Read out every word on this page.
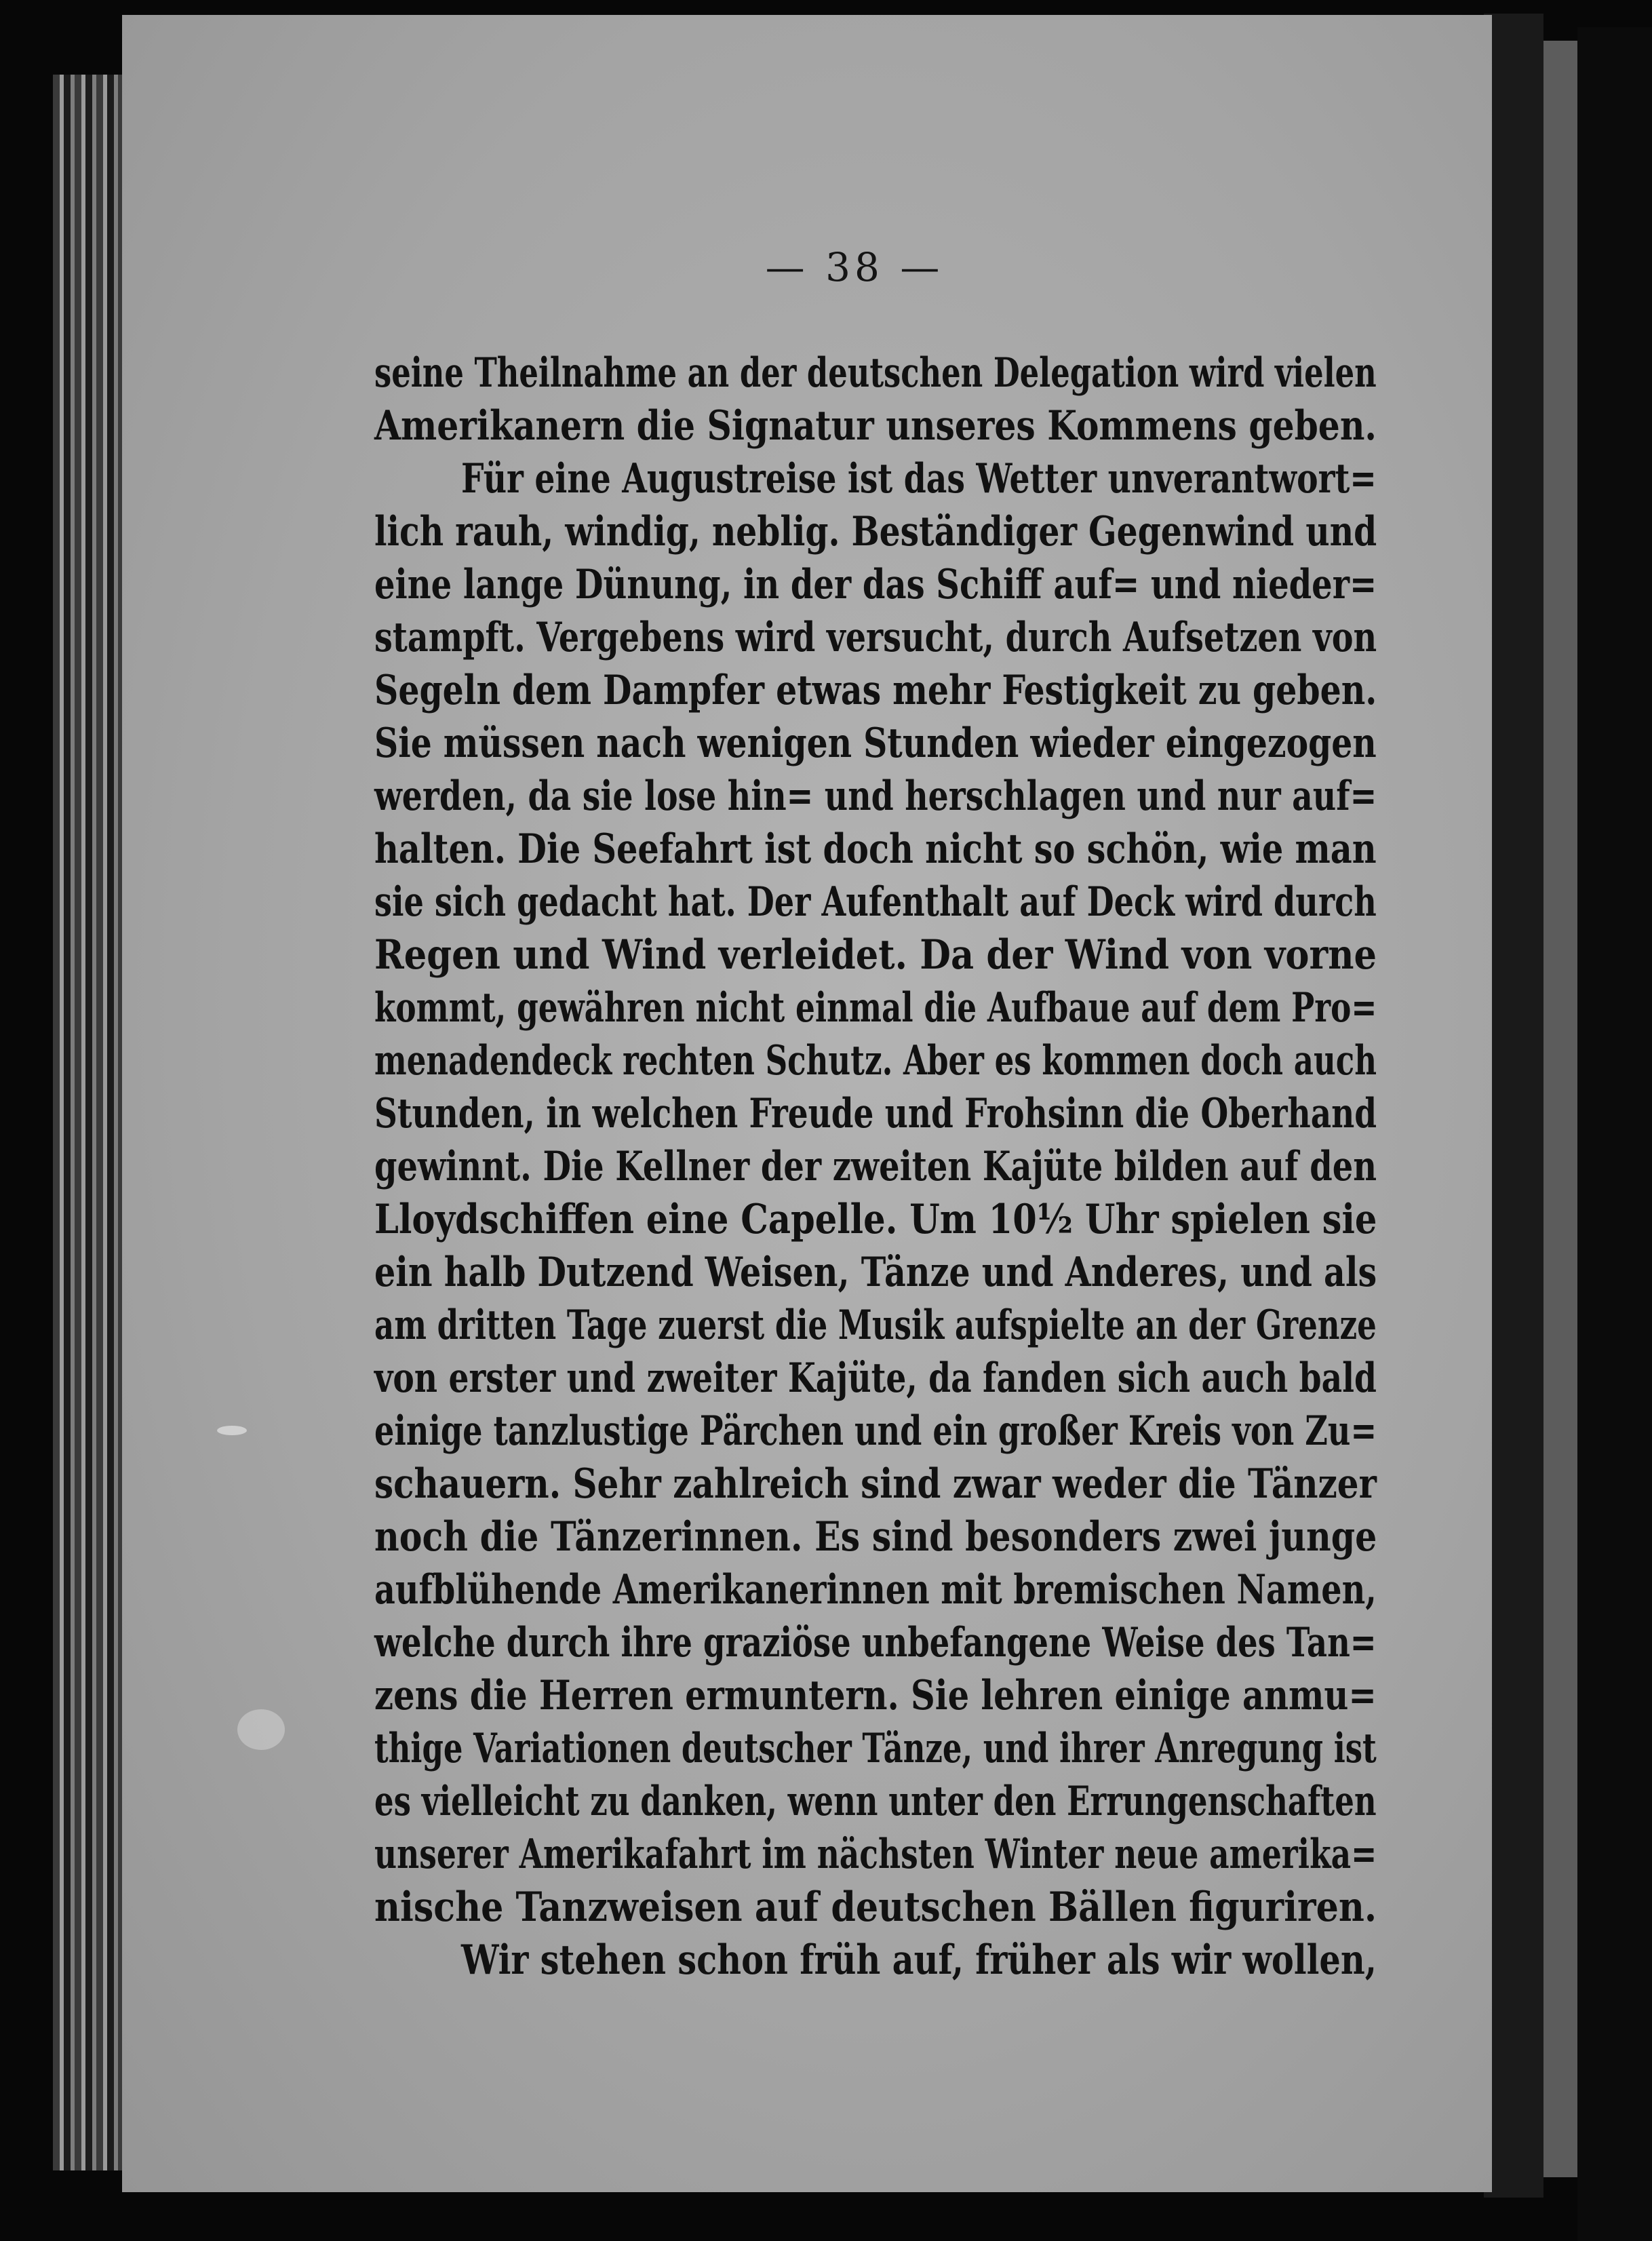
— 38 —
seine Theilnahme an der deutschen Delegation wird vielen
Amerikanern die Signatur unseres Kommens geben.
Für eine Augustreise ist das Wetter unverantwort=
lich rauh, windig, neblig. Beständiger Gegenwind und
eine lange Dünung, in der das Schiff auf= und nieder=
stampft. Vergebens wird versucht, durch Aufsetzen von
Segeln dem Dampfer etwas mehr Festigkeit zu geben.
Sie müssen nach wenigen Stunden wieder eingezogen
werden, da sie lose hin= und herschlagen und nur auf=
halten. Die Seefahrt ist doch nicht so schön, wie man
sie sich gedacht hat. Der Aufenthalt auf Deck wird durch
Regen und Wind verleidet. Da der Wind von vorne
kommt, gewähren nicht einmal die Aufbaue auf dem Pro=
menadendeck rechten Schutz. Aber es kommen doch auch
Stunden, in welchen Freude und Frohsinn die Oberhand
gewinnt. Die Kellner der zweiten Kajüte bilden auf den
Lloydschiffen eine Capelle. Um 10½ Uhr spielen sie
ein halb Dutzend Weisen, Tänze und Anderes, und als
am dritten Tage zuerst die Musik aufspielte an der Grenze
von erster und zweiter Kajüte, da fanden sich auch bald
einige tanzlustige Pärchen und ein großer Kreis von Zu=
schauern. Sehr zahlreich sind zwar weder die Tänzer
noch die Tänzerinnen. Es sind besonders zwei junge
aufblühende Amerikanerinnen mit bremischen Namen,
welche durch ihre graziöse unbefangene Weise des Tan=
zens die Herren ermuntern. Sie lehren einige anmu=
thige Variationen deutscher Tänze, und ihrer Anregung ist
es vielleicht zu danken, wenn unter den Errungenschaften
unserer Amerikafahrt im nächsten Winter neue amerika=
nische Tanzweisen auf deutschen Bällen figuriren.
Wir stehen schon früh auf, früher als wir wollen,
